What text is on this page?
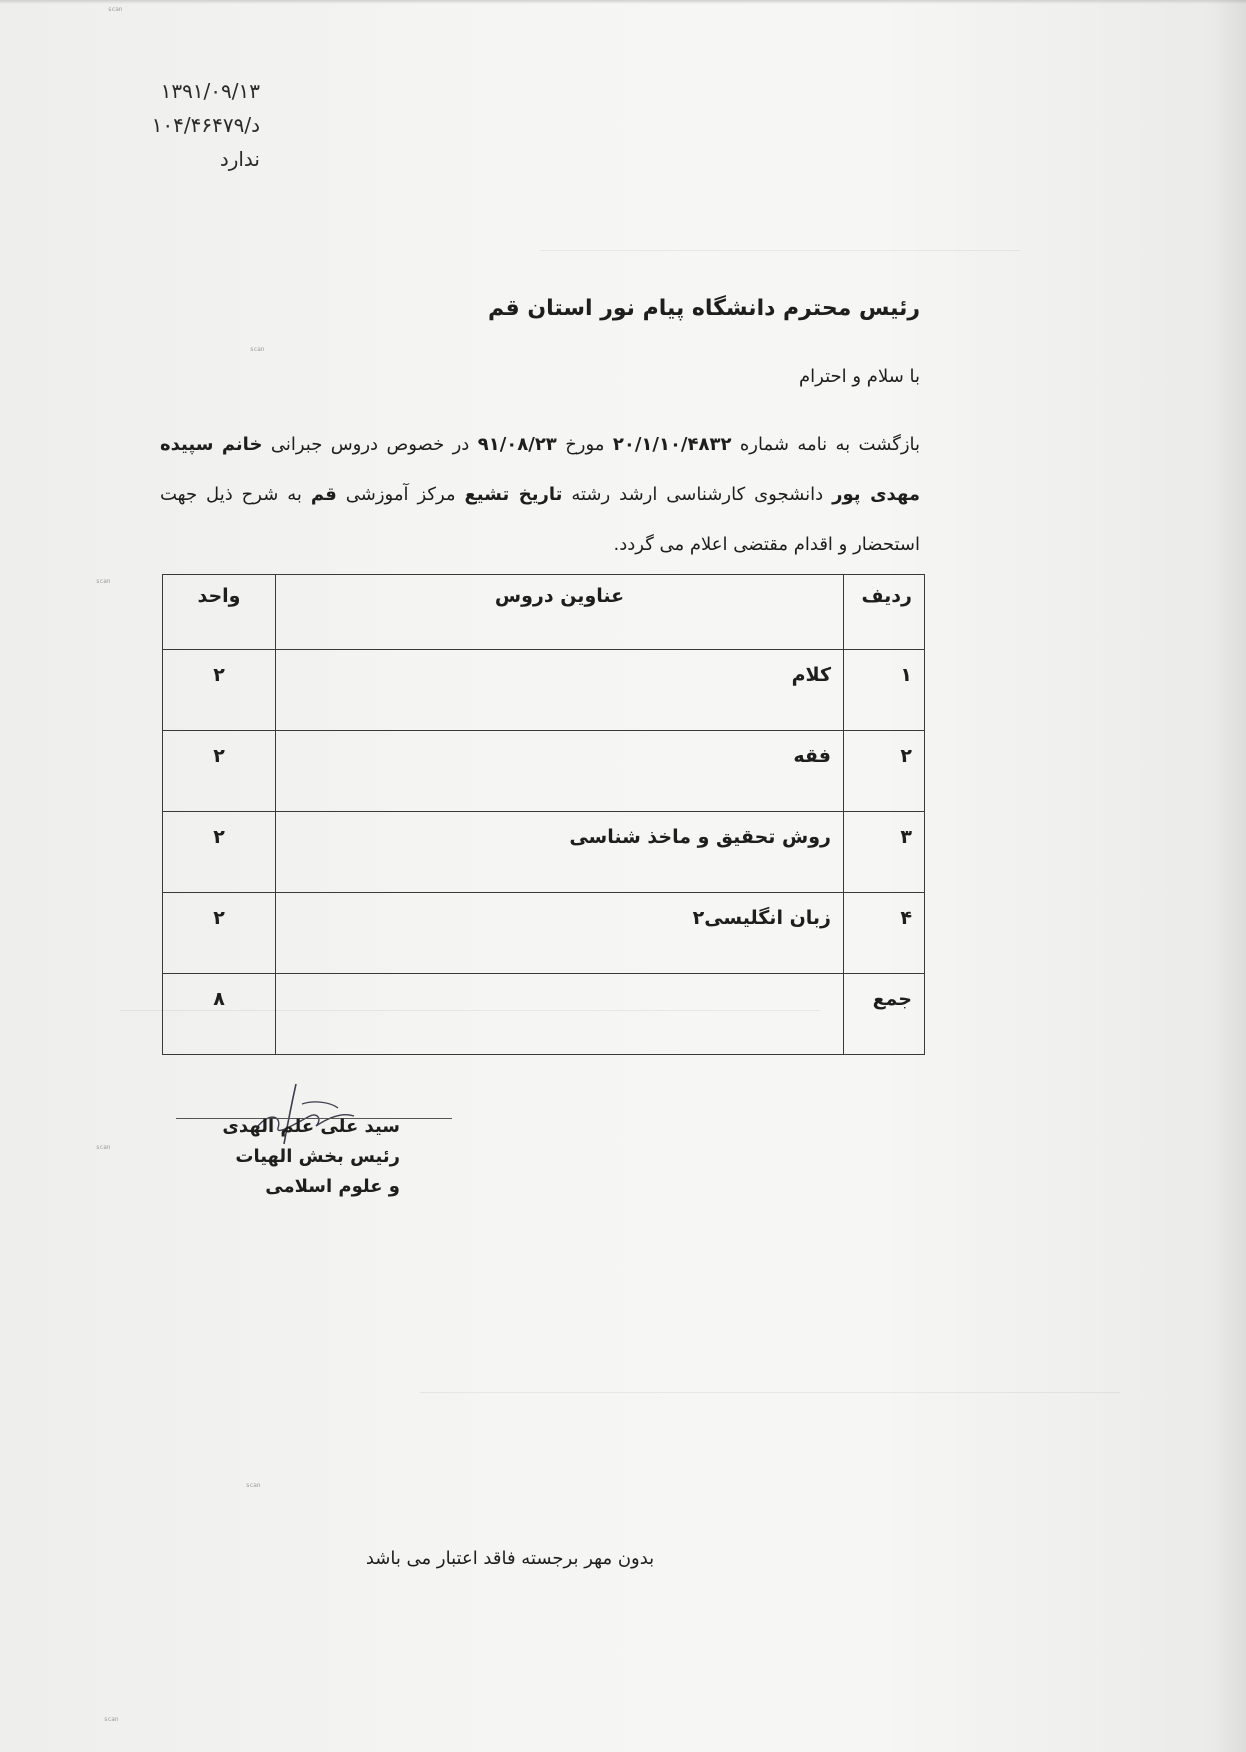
scan
scan
scan
scan
scan
scan
۱۳۹۱/۰۹/۱۳
د/۱۰۴/۴۶۴۷۹
ندارد
رئیس محترم دانشگاه پیام نور استان قم
با سلام و احترام
بازگشت به نامه شماره ۲۰/۱/۱۰/۴۸۳۲ مورخ ۹۱/۰۸/۲۳ در خصوص دروس جبرانی خانم سپیده مهدی پور دانشجوی کارشناسی ارشد رشته تاریخ تشیع مرکز آموزشی قم به شرح ذیل جهت استحضار و اقدام مقتضی اعلام می گردد.
ردیف	عناوین دروس	واحد
۱	کلام	۲
۲	فقه	۲
۳	روش تحقیق و ماخذ شناسی	۲
۴	زبان انگلیسی۲	۲
جمع		۸
سید علی علم الهدی
رئیس بخش الهیات
و علوم اسلامی
بدون مهر برجسته فاقد اعتبار می باشد
